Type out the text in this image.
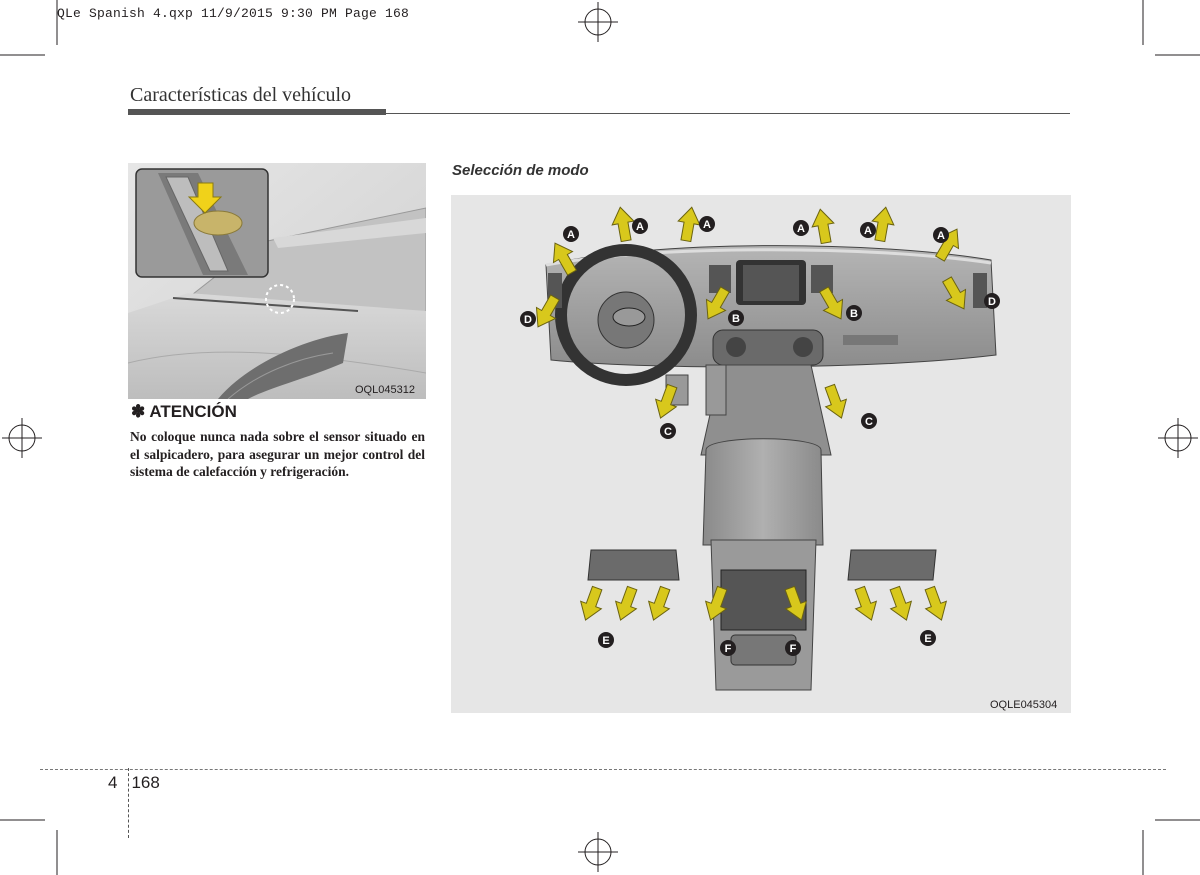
QLe Spanish 4.qxp 11/9/2015 9:30 PM Page 168
Características del vehículo
OQL045312
✽ ATENCIÓN
No coloque nunca nada sobre el sensor situado en el salpicadero, para asegurar un mejor control del sistema de calefacción y refrigeración.
Selección de modo
A
A	A	A	A	A
B	B
C
C
D
D
E	E
F	F
OQLE045304
4 168
